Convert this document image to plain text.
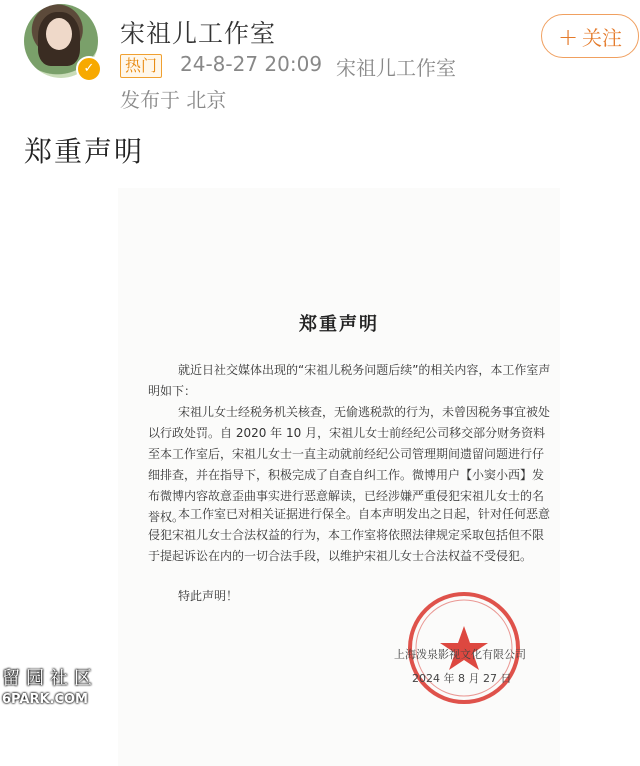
✓
宋祖儿工作室
热门 24-8-27 20:09 宋祖儿工作室
发布于 北京
+ 关注
郑重声明
郑重声明

就近日社交媒体出现的“宋祖儿税务问题后续”的相关内容，本工作室声明如下：

宋祖儿女士经税务机关核查，无偷逃税款的行为，未曾因税务事宜被处以行政处罚。自 2020 年 10 月，宋祖儿女士前经纪公司移交部分财务资料至本工作室后，宋祖儿女士一直主动就前经纪公司管理期间遗留问题进行仔细排查，并在指导下，积极完成了自查自纠工作。微博用户【小窦小西】发布微博内容故意歪曲事实进行恶意解读，已经涉嫌严重侵犯宋祖儿女士的名誉权。

本工作室已对相关证据进行保全。自本声明发出之日起，针对任何恶意侵犯宋祖儿女士合法权益的行为，本工作室将依照法律规定采取包括但不限于提起诉讼在内的一切合法手段，以维护宋祖儿女士合法权益不受侵犯。

特此声明！

上海泼泉影视文化有限公司
2024 年 8 月 27 日
留园社区
6PARK.COM
